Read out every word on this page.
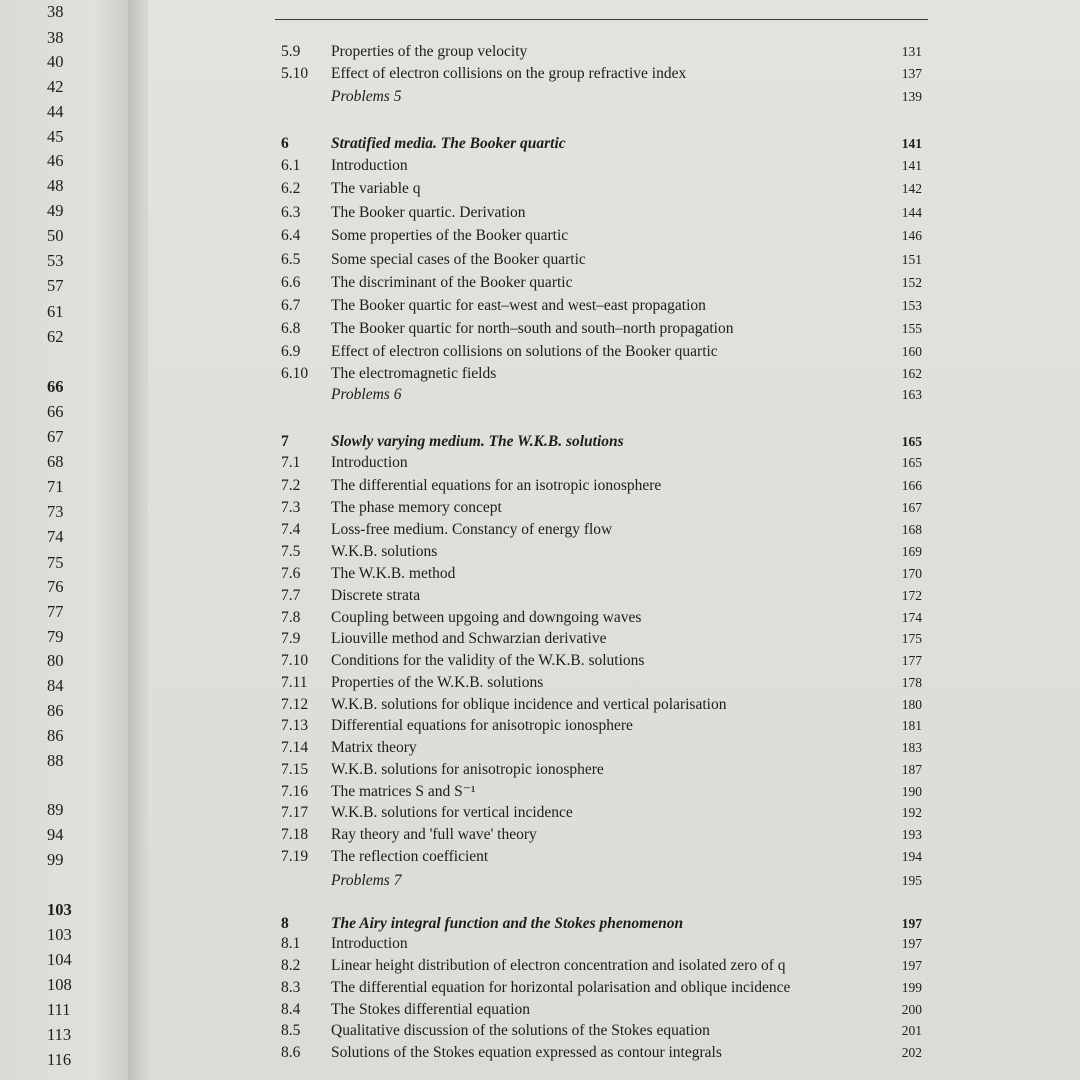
38
38
40
42
44
45
46
48
49
50
53
57
61
62
66
66
67
68
71
73
74
75
76
77
79
80
84
86
86
88
89
94
99
103
103
104
108
111
113
116
5.9 Properties of the group velocity	131
5.10 Effect of electron collisions on the group refractive index	137
Problems 5	139
6	Stratified media. The Booker quartic	141
6.1 Introduction	141
6.2 The variable q	142
6.3 The Booker quartic. Derivation	144
6.4 Some properties of the Booker quartic	146
6.5 Some special cases of the Booker quartic	151
6.6 The discriminant of the Booker quartic	152
6.7 The Booker quartic for east–west and west–east propagation	153
6.8 The Booker quartic for north–south and south–north propagation	155
6.9 Effect of electron collisions on solutions of the Booker quartic	160
6.10 The electromagnetic fields	162
Problems 6	163
7	Slowly varying medium. The W.K.B. solutions	165
7.1 Introduction	165
7.2 The differential equations for an isotropic ionosphere	166
7.3 The phase memory concept	167
7.4 Loss-free medium. Constancy of energy flow	168
7.5 W.K.B. solutions	169
7.6 The W.K.B. method	170
7.7 Discrete strata	172
7.8 Coupling between upgoing and downgoing waves	174
7.9 Liouville method and Schwarzian derivative	175
7.10 Conditions for the validity of the W.K.B. solutions	177
7.11 Properties of the W.K.B. solutions	178
7.12 W.K.B. solutions for oblique incidence and vertical polarisation	180
7.13 Differential equations for anisotropic ionosphere	181
7.14 Matrix theory	183
7.15 W.K.B. solutions for anisotropic ionosphere	187
7.16 The matrices S and S⁻¹	190
7.17 W.K.B. solutions for vertical incidence	192
7.18 Ray theory and 'full wave' theory	193
7.19 The reflection coefficient	194
Problems 7	195
8	The Airy integral function and the Stokes phenomenon	197
8.1 Introduction	197
8.2 Linear height distribution of electron concentration and isolated zero of q	197
8.3 The differential equation for horizontal polarisation and oblique incidence	199
8.4 The Stokes differential equation	200
8.5 Qualitative discussion of the solutions of the Stokes equation	201
8.6 Solutions of the Stokes equation expressed as contour integrals	202
